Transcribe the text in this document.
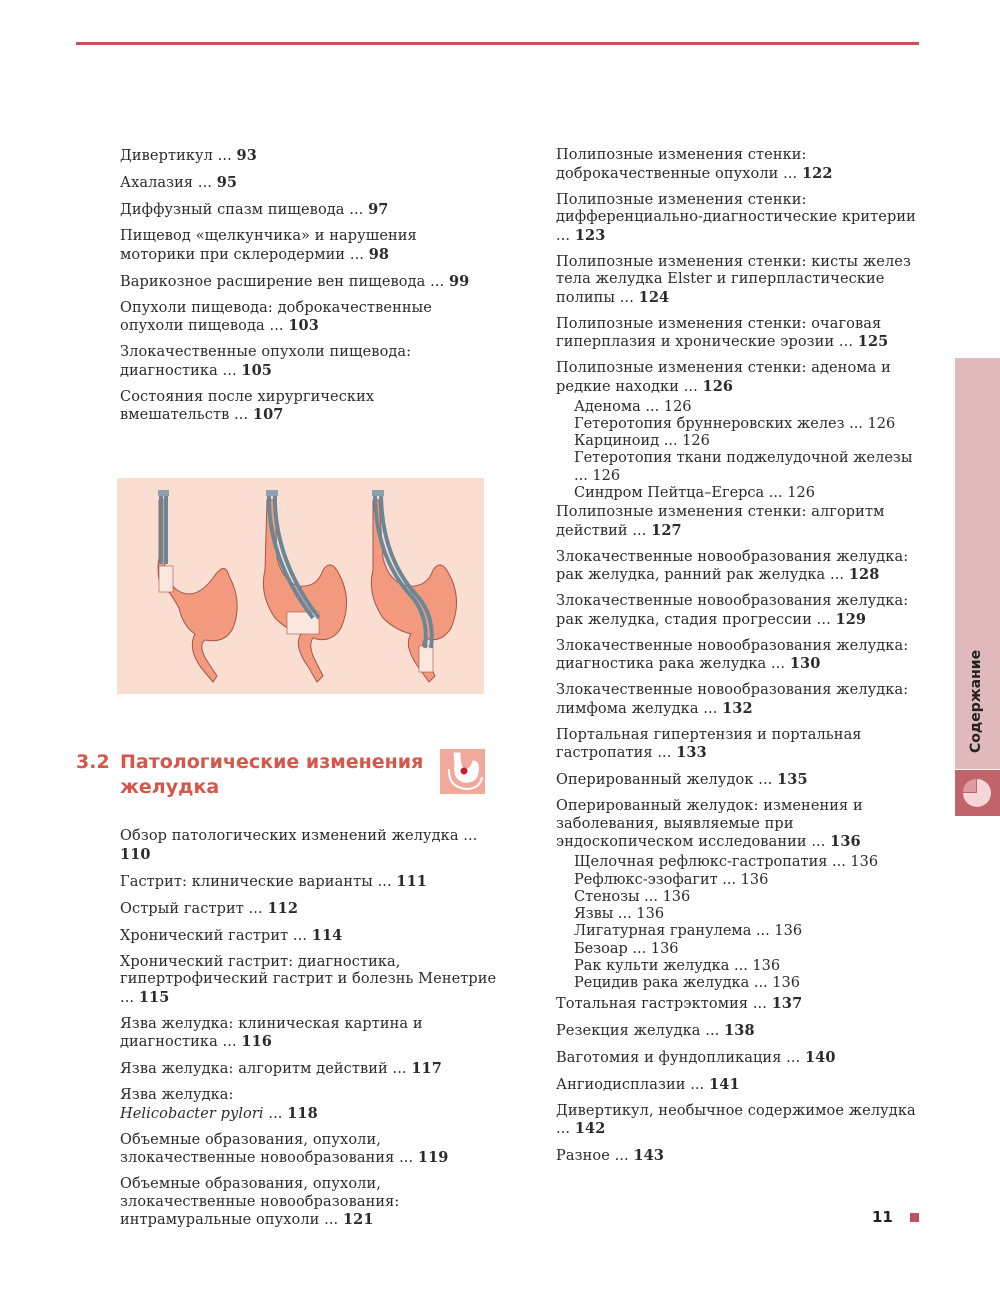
Дивертикул ... 93
Ахалазия ... 95
Диффузный спазм пищевода ... 97
Пищевод «щелкунчика» и нарушения моторики при склеродермии ... 98
Варикозное расширение вен пищевода ... 99
Опухоли пищевода: доброкачественные опухоли пищевода ... 103
Злокачественные опухоли пищевода: диагностика ... 105
Состояния после хирургических вмешательств ... 107
3.2 Патологические изменения желудка
Обзор патологических изменений желудка ... 110
Гастрит: клинические варианты ... 111
Острый гастрит ... 112
Хронический гастрит ... 114
Хронический гастрит: диагностика, гипертрофический гастрит и болезнь Менетрие ... 115
Язва желудка: клиническая картина и диагностика ... 116
Язва желудка: алгоритм действий ... 117
Язва желудка:
Helicobacter pylori ... 118
Объемные образования, опухоли, злокачественные новообразования ... 119
Объемные образования, опухоли, злокачественные новообразования: интрамуральные опухоли ... 121
Полипозные изменения стенки: доброкачественные опухоли ... 122
Полипозные изменения стенки: дифференциально-диагностические критерии ... 123
Полипозные изменения стенки: кисты желез тела желудка Elster и гиперпластические полипы ... 124
Полипозные изменения стенки: очаговая гиперплазия и хронические эрозии ... 125
Полипозные изменения стенки: аденома и редкие находки ... 126
Аденома ... 126
Гетеротопия бруннеровских желез ... 126
Карциноид ... 126
Гетеротопия ткани поджелудочной железы ... 126
Синдром Пейтца–Егерса ... 126
Полипозные изменения стенки: алгоритм действий ... 127
Злокачественные новообразования желудка: рак желудка, ранний рак желудка ... 128
Злокачественные новообразования желудка: рак желудка, стадия прогрессии ... 129
Злокачественные новообразования желудка: диагностика рака желудка ... 130
Злокачественные новообразования желудка: лимфома желудка ... 132
Портальная гипертензия и портальная гастропатия ... 133
Оперированный желудок ... 135
Оперированный желудок: изменения и заболевания, выявляемые при эндоскопическом исследовании ... 136
Щелочная рефлюкс-гастропатия ... 136
Рефлюкс-эзофагит ... 136
Стенозы ... 136
Язвы ... 136
Лигатурная гранулема ... 136
Безоар ... 136
Рак культи желудка ... 136
Рецидив рака желудка ... 136
Тотальная гастрэктомия ... 137
Резекция желудка ... 138
Ваготомия и фундопликация ... 140
Ангиодисплазии ... 141
Дивертикул, необычное содержимое желудка ... 142
Разное ... 143
Содержание
11
